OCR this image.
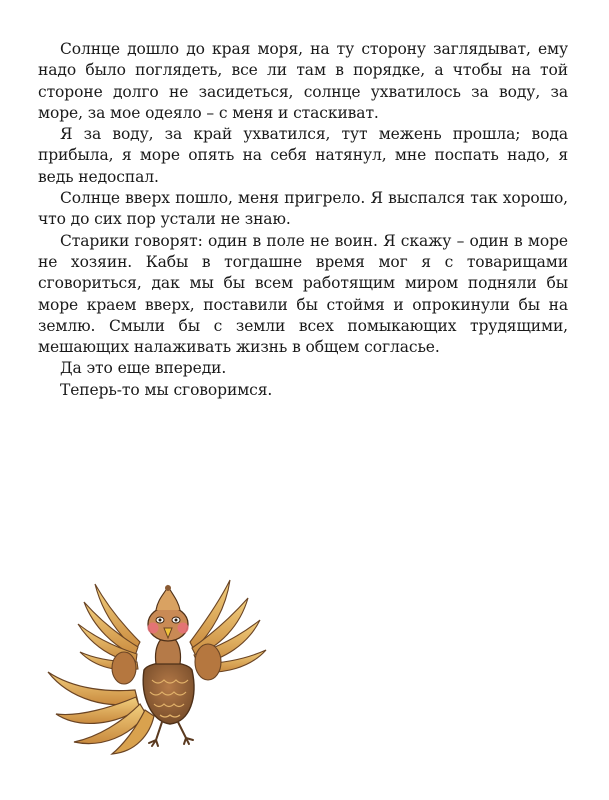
Солнце дошло до края моря, на ту сторону заглядыват, ему надо было поглядеть, все ли там в порядке, а чтобы на той стороне долго не засидеться, солнце ухватилось за воду, за море, за мое одеяло – с меня и стаскиват.

Я за воду, за край ухватился, тут межень прошла; вода прибыла, я море опять на себя натянул, мне поспать надо, я ведь недоспал.

Солнце вверх пошло, меня пригрело. Я выспался так хорошо, что до сих пор устали не знаю.

Старики говорят: один в поле не воин. Я скажу – один в море не хозяин. Кабы в тогдашне время мог я с товарищами сговориться, дак мы бы всем работящим миром подняли бы море краем вверх, поставили бы стоймя и опрокинули бы на землю. Смыли бы с земли всех помыкающих трудящими, мешающих налаживать жизнь в общем согласье.

Да это еще впереди.

Теперь-то мы сговоримся.
